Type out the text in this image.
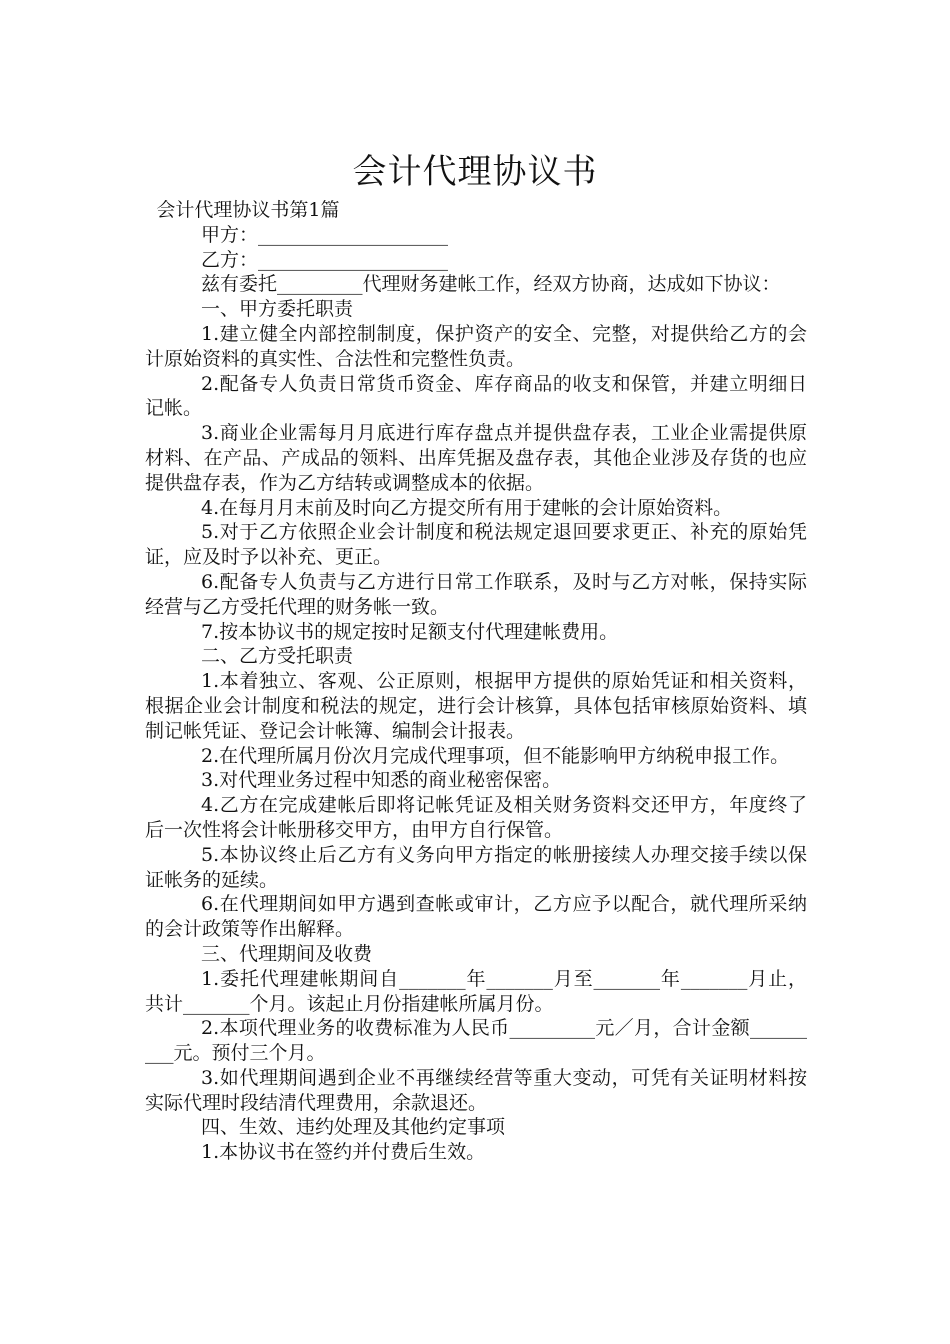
会计代理协议书

会计代理协议书第1篇

甲方：____________________

乙方：____________________

兹有委托_________代理财务建帐工作，经双方协商，达成如下协议：

一、甲方委托职责

1.建立健全内部控制制度，保护资产的安全、完整，对提供给乙方的会计原始资料的真实性、合法性和完整性负责。

2.配备专人负责日常货币资金、库存商品的收支和保管，并建立明细日记帐。

3.商业企业需每月月底进行库存盘点并提供盘存表，工业企业需提供原材料、在产品、产成品的领料、出库凭据及盘存表，其他企业涉及存货的也应提供盘存表，作为乙方结转或调整成本的依据。

4.在每月月末前及时向乙方提交所有用于建帐的会计原始资料。

5.对于乙方依照企业会计制度和税法规定退回要求更正、补充的原始凭证，应及时予以补充、更正。

6.配备专人负责与乙方进行日常工作联系，及时与乙方对帐，保持实际经营与乙方受托代理的财务帐一致。

7.按本协议书的规定按时足额支付代理建帐费用。

二、乙方受托职责

1.本着独立、客观、公正原则，根据甲方提供的原始凭证和相关资料，根据企业会计制度和税法的规定，进行会计核算，具体包括审核原始资料、填制记帐凭证、登记会计帐簿、编制会计报表。

2.在代理所属月份次月完成代理事项，但不能影响甲方纳税申报工作。

3.对代理业务过程中知悉的商业秘密保密。

4.乙方在完成建帐后即将记帐凭证及相关财务资料交还甲方，年度终了后一次性将会计帐册移交甲方，由甲方自行保管。

5.本协议终止后乙方有义务向甲方指定的帐册接续人办理交接手续以保证帐务的延续。

6.在代理期间如甲方遇到查帐或审计，乙方应予以配合，就代理所采纳的会计政策等作出解释。

三、代理期间及收费

1.委托代理建帐期间自_______年_______月至_______年_______月止，共计_______个月。该起止月份指建帐所属月份。

2.本项代理业务的收费标准为人民币_________元／月，合计金额_________元。预付三个月。

3.如代理期间遇到企业不再继续经营等重大变动，可凭有关证明材料按实际代理时段结清代理费用，余款退还。

四、生效、违约处理及其他约定事项

1.本协议书在签约并付费后生效。
